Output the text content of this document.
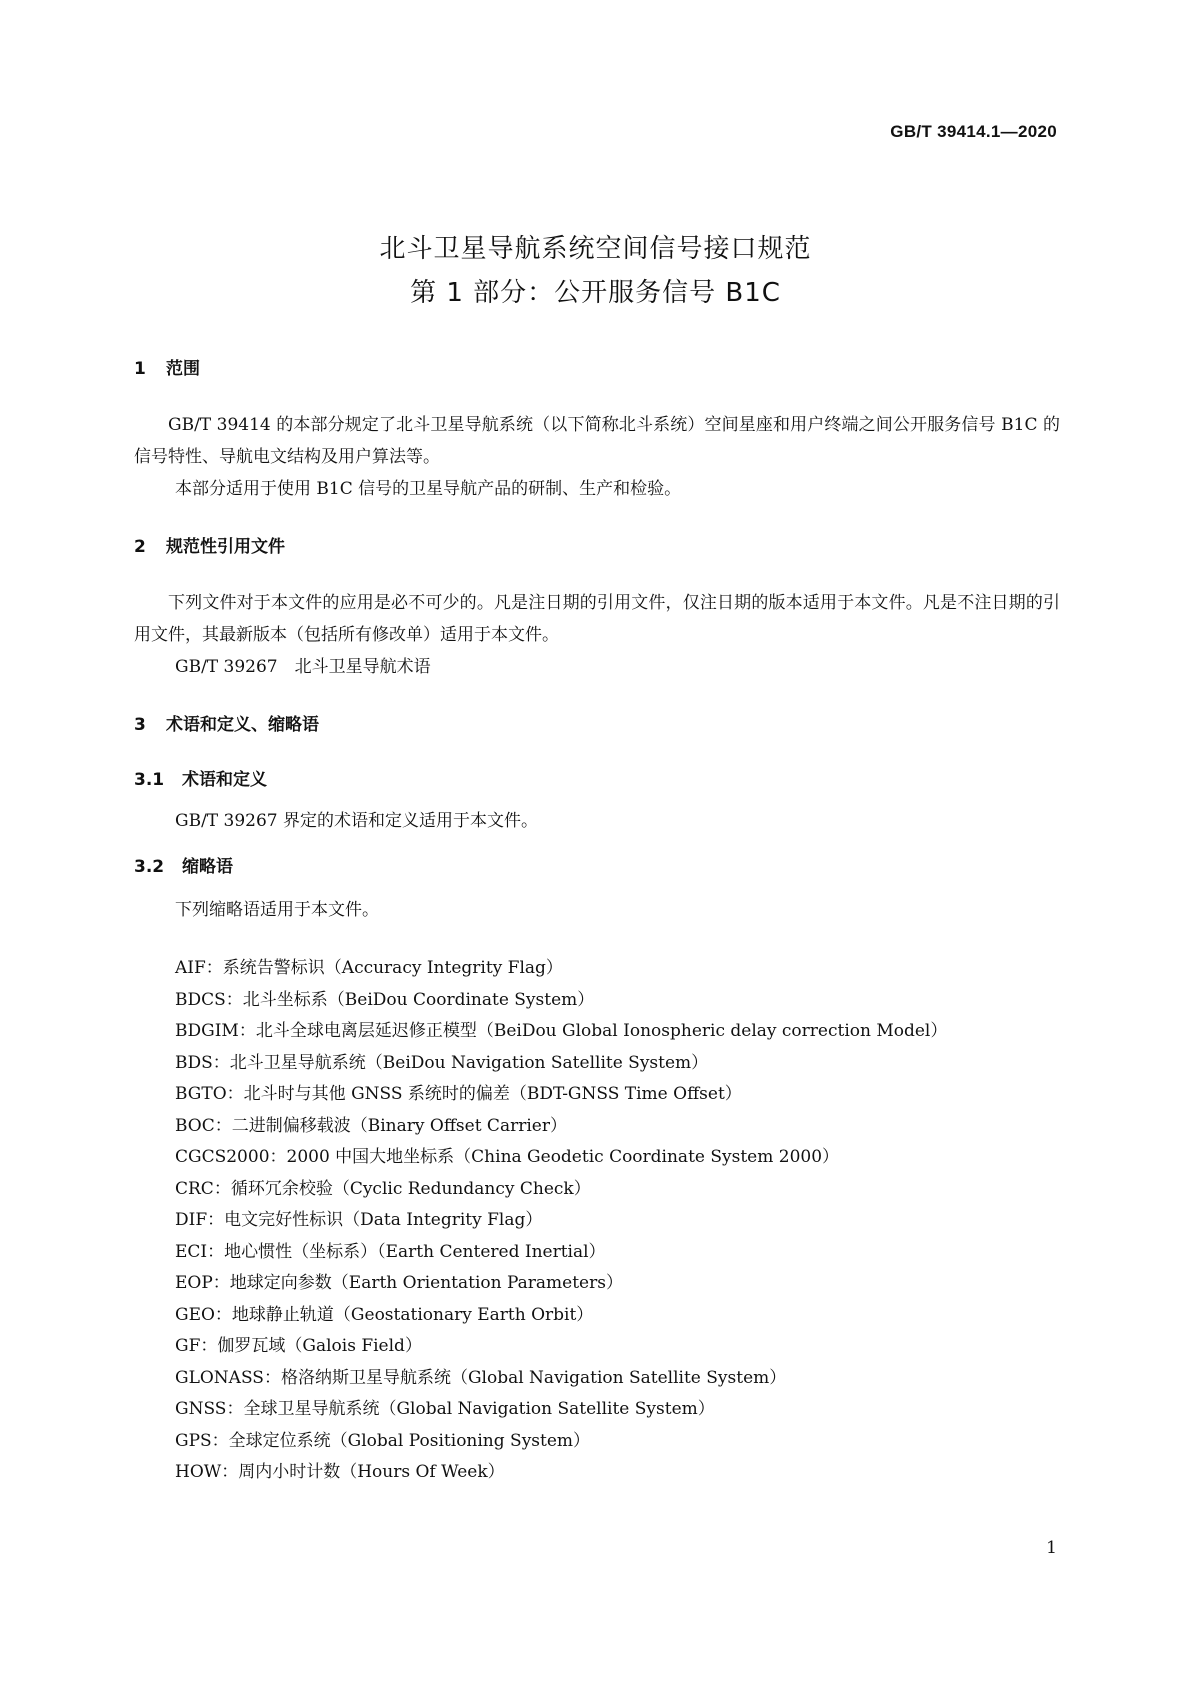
GB/T 39414.1—2020
北斗卫星导航系统空间信号接口规范
第 1 部分：公开服务信号 B1C
1 范围
GB/T 39414 的本部分规定了北斗卫星导航系统（以下简称北斗系统）空间星座和用户终端之间公开服务信号 B1C 的信号特性、导航电文结构及用户算法等。
本部分适用于使用 B1C 信号的卫星导航产品的研制、生产和检验。
2 规范性引用文件
下列文件对于本文件的应用是必不可少的。凡是注日期的引用文件，仅注日期的版本适用于本文件。凡是不注日期的引用文件，其最新版本（包括所有修改单）适用于本文件。
GB/T 39267　北斗卫星导航术语
3 术语和定义、缩略语
3.1 术语和定义
GB/T 39267 界定的术语和定义适用于本文件。
3.2 缩略语
下列缩略语适用于本文件。
AIF：系统告警标识（Accuracy Integrity Flag）
BDCS：北斗坐标系（BeiDou Coordinate System）
BDGIM：北斗全球电离层延迟修正模型（BeiDou Global Ionospheric delay correction Model）
BDS：北斗卫星导航系统（BeiDou Navigation Satellite System）
BGTO：北斗时与其他 GNSS 系统时的偏差（BDT-GNSS Time Offset）
BOC：二进制偏移载波（Binary Offset Carrier）
CGCS2000：2000 中国大地坐标系（China Geodetic Coordinate System 2000）
CRC：循环冗余校验（Cyclic Redundancy Check）
DIF：电文完好性标识（Data Integrity Flag）
ECI：地心惯性（坐标系）（Earth Centered Inertial）
EOP：地球定向参数（Earth Orientation Parameters）
GEO：地球静止轨道（Geostationary Earth Orbit）
GF：伽罗瓦域（Galois Field）
GLONASS：格洛纳斯卫星导航系统（Global Navigation Satellite System）
GNSS：全球卫星导航系统（Global Navigation Satellite System）
GPS：全球定位系统（Global Positioning System）
HOW：周内小时计数（Hours Of Week）
1
